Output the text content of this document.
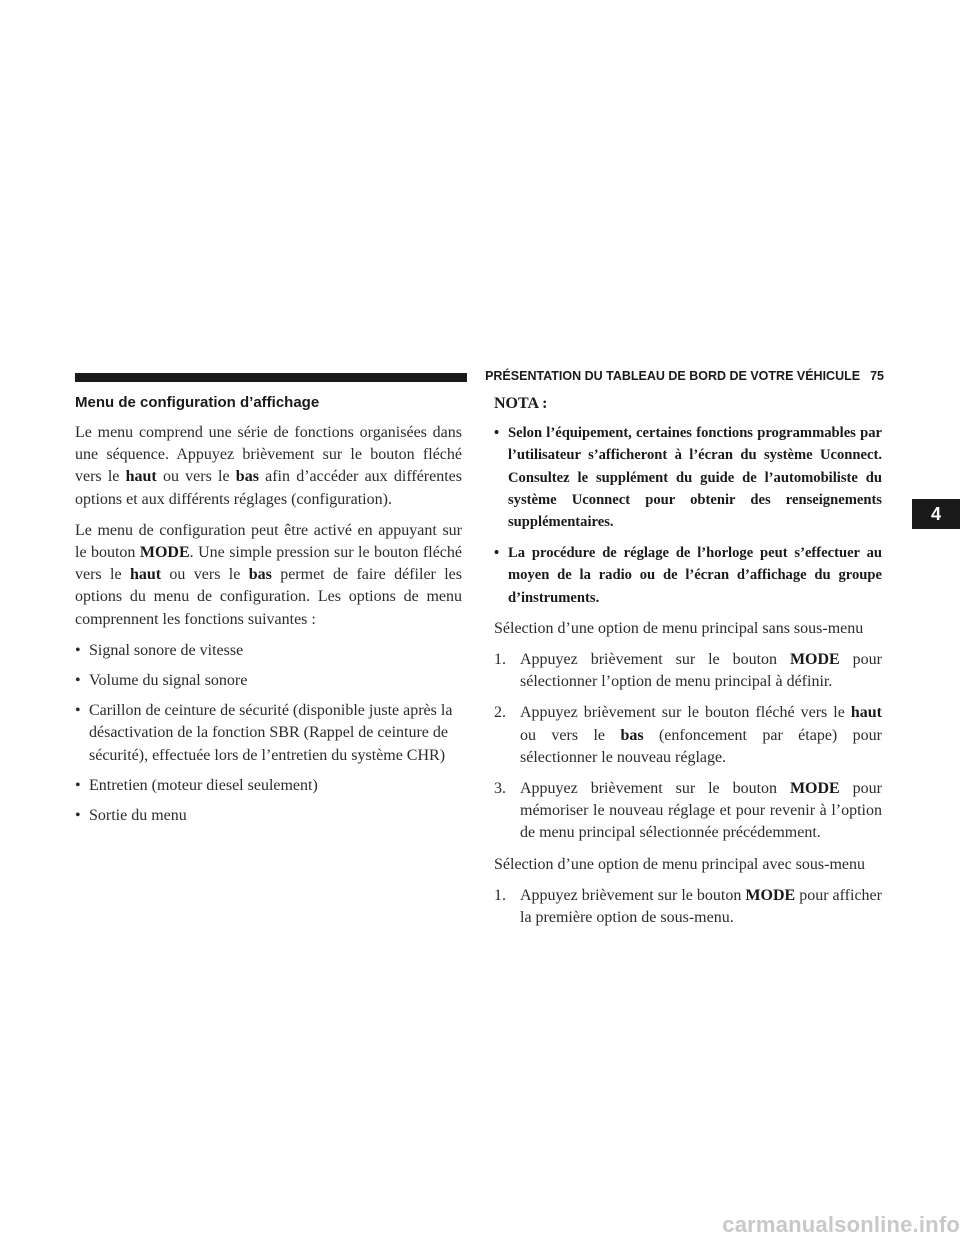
PRÉSENTATION DU TABLEAU DE BORD DE VOTRE VÉHICULE 75
4
Menu de configuration d’affichage

Le menu comprend une série de fonctions organisées dans une séquence. Appuyez brièvement sur le bouton fléché vers le haut ou vers le bas afin d’accéder aux différentes options et aux différents réglages (configuration).

Le menu de configuration peut être activé en appuyant sur le bouton MODE. Une simple pression sur le bouton fléché vers le haut ou vers le bas permet de faire défiler les options du menu de configuration. Les options de menu comprennent les fonctions suivantes :

• Signal sonore de vitesse
• Volume du signal sonore
• Carillon de ceinture de sécurité (disponible juste après la désactivation de la fonction SBR (Rappel de ceinture de sécurité), effectuée lors de l’entretien du système CHR)
• Entretien (moteur diesel seulement)
• Sortie du menu
NOTA :
• Selon l’équipement, certaines fonctions programmables par l’utilisateur s’afficheront à l’écran du système Uconnect. Consultez le supplément du guide de l’automobiliste du système Uconnect pour obtenir des renseignements supplémentaires.
• La procédure de réglage de l’horloge peut s’effectuer au moyen de la radio ou de l’écran d’affichage du groupe d’instruments.

Sélection d’une option de menu principal sans sous-menu

1. Appuyez brièvement sur le bouton MODE pour sélectionner l’option de menu principal à définir.
2. Appuyez brièvement sur le bouton fléché vers le haut ou vers le bas (enfoncement par étape) pour sélectionner le nouveau réglage.
3. Appuyez brièvement sur le bouton MODE pour mémoriser le nouveau réglage et pour revenir à l’option de menu principal sélectionnée précédemment.

Sélection d’une option de menu principal avec sous-menu

1. Appuyez brièvement sur le bouton MODE pour afficher la première option de sous-menu.
carmanualsonline.info
